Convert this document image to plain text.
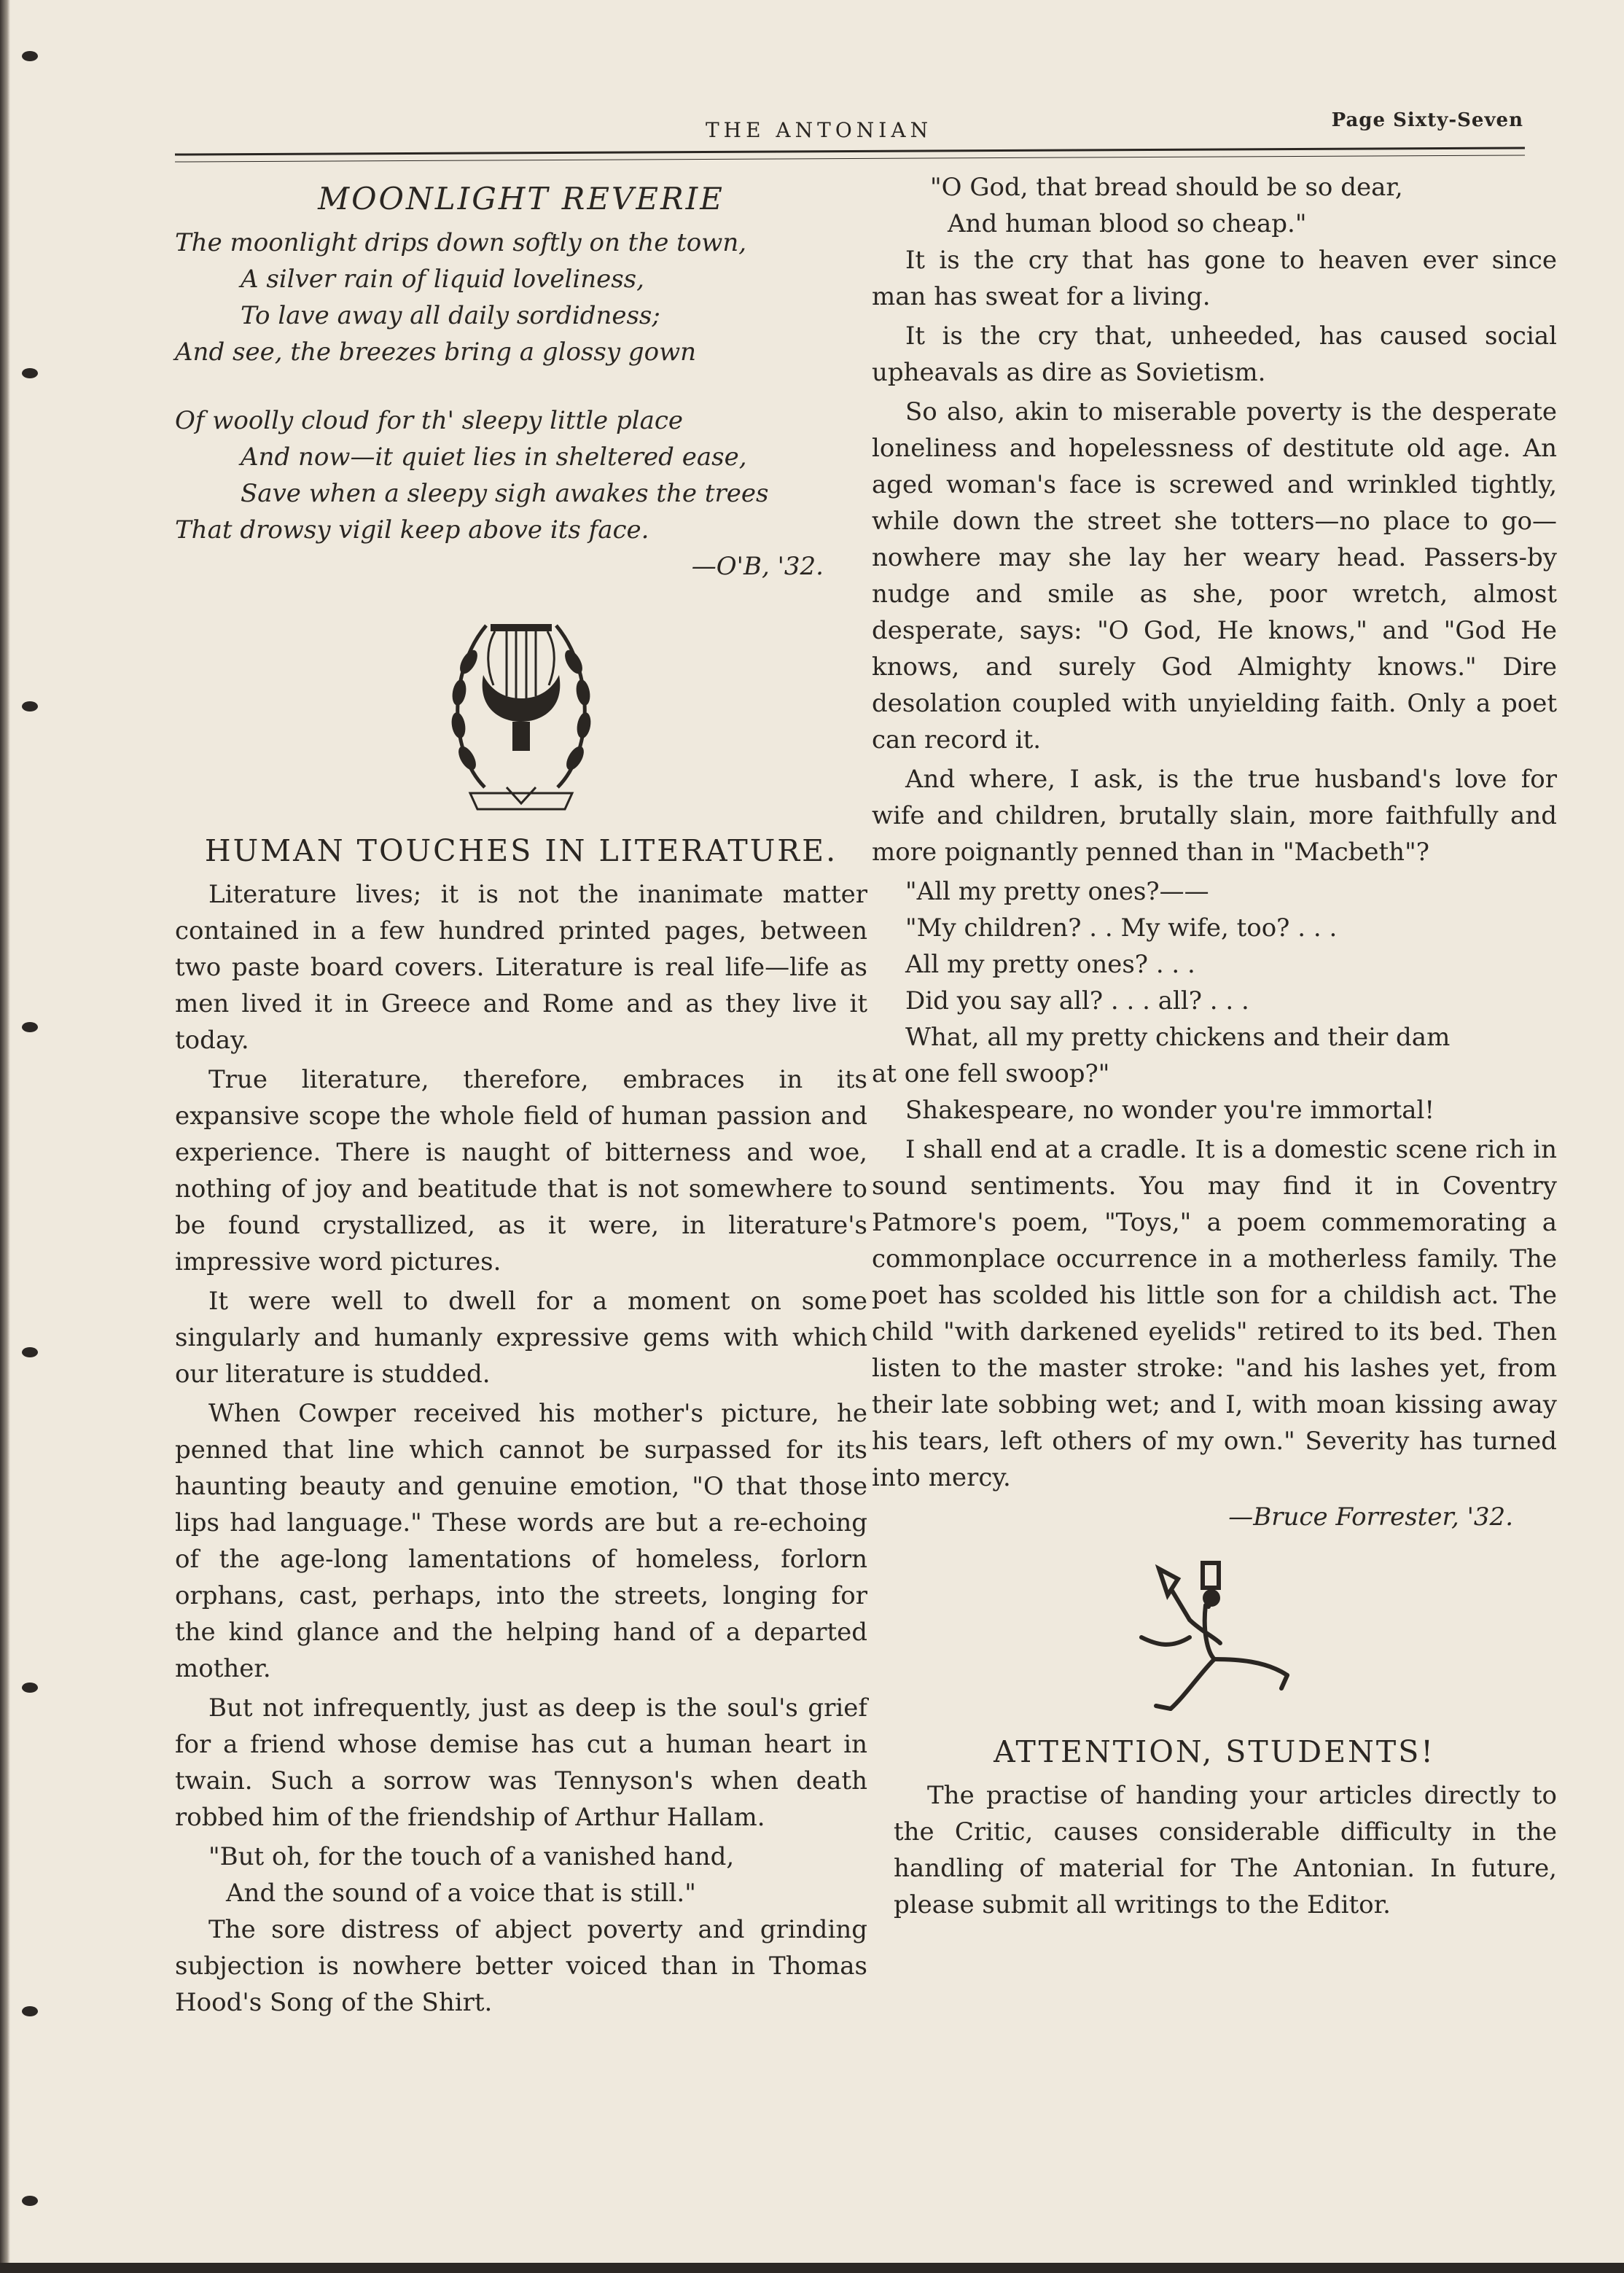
THE ANTONIAN	Page Sixty-Seven
MOONLIGHT REVERIE
The moonlight drips down softly on the town,
A silver rain of liquid loveliness,
To lave away all daily sordidness;
And see, the breezes bring a glossy gown
Of woolly cloud for th' sleepy little place
And now—it quiet lies in sheltered ease,
Save when a sleepy sigh awakes the trees
That drowsy vigil keep above its face.
—O'B, '32.
HUMAN TOUCHES IN LITERATURE.

Literature lives; it is not the inanimate matter contained in a few hundred printed pages, between two paste board covers. Literature is real life—life as men lived it in Greece and Rome and as they live it today.

True literature, therefore, embraces in its expansive scope the whole field of human passion and experience. There is naught of bitterness and woe, nothing of joy and beatitude that is not somewhere to be found crystallized, as it were, in literature's impressive word pictures.

It were well to dwell for a moment on some singularly and humanly expressive gems with which our literature is studded.

When Cowper received his mother's picture, he penned that line which cannot be surpassed for its haunting beauty and genuine emotion, "O that those lips had language." These words are but a re-echoing of the age-long lamentations of homeless, forlorn orphans, cast, perhaps, into the streets, longing for the kind glance and the helping hand of a departed mother.

But not infrequently, just as deep is the soul's grief for a friend whose demise has cut a human heart in twain. Such a sorrow was Tennyson's when death robbed him of the friendship of Arthur Hallam.

"But oh, for the touch of a vanished hand,
And the sound of a voice that is still."

The sore distress of abject poverty and grinding subjection is nowhere better voiced than in Thomas Hood's Song of the Shirt.

"O God, that bread should be so dear,
And human blood so cheap."

It is the cry that has gone to heaven ever since man has sweat for a living.

It is the cry that, unheeded, has caused social upheavals as dire as Sovietism.

So also, akin to miserable poverty is the desperate loneliness and hopelessness of destitute old age. An aged woman's face is screwed and wrinkled tightly, while down the street she totters—no place to go—nowhere may she lay her weary head. Passers-by nudge and smile as she, poor wretch, almost desperate, says: "O God, He knows," and "God He knows, and surely God Almighty knows." Dire desolation coupled with unyielding faith. Only a poet can record it.

And where, I ask, is the true husband's love for wife and children, brutally slain, more faithfully and more poignantly penned than in "Macbeth"?

"All my pretty ones?——
"My children? . . My wife, too? . . .
All my pretty ones? . . .
Did you say all? . . . all? . . .
What, all my pretty chickens and their dam

at one fell swoop?"

Shakespeare, no wonder you're immortal!

I shall end at a cradle. It is a domestic scene rich in sound sentiments. You may find it in Coventry Patmore's poem, "Toys," a poem commemorating a commonplace occurrence in a motherless family. The poet has scolded his little son for a childish act. The child "with darkened eyelids" retired to its bed. Then listen to the master stroke: "and his lashes yet, from their late sobbing wet; and I, with moan kissing away his tears, left others of my own." Severity has turned into mercy.

—Bruce Forrester, '32.
ATTENTION, STUDENTS!

The practise of handing your articles directly to the Critic, causes considerable difficulty in the handling of material for The Antonian. In future, please submit all writings to the Editor.
